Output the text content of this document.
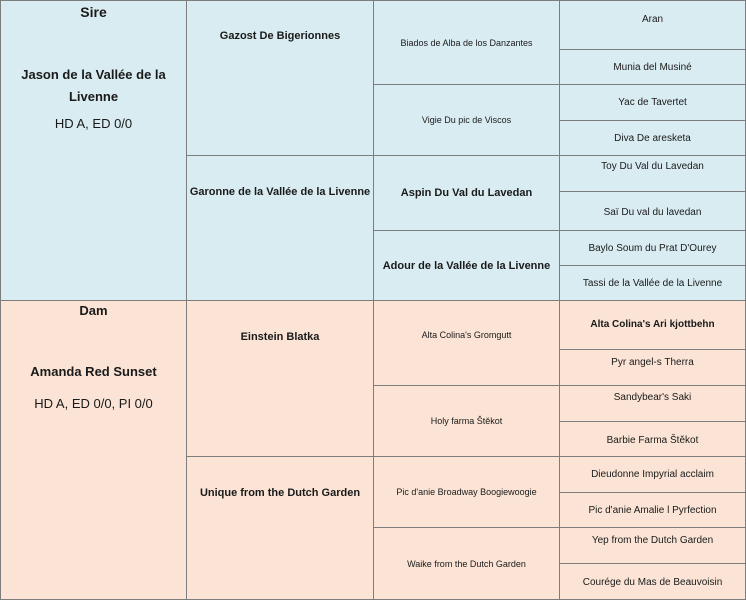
Sire
Jason de la Vallée de la Livenne
HD A, ED 0/0
Gazost De Bigerionnes
Garonne de la Vallée de la Livenne
Biados de Alba de los Danzantes
Vigie Du pic de Viscos
Aspin Du Val du Lavedan
Adour de la Vallée de la Livenne
Aran
Munia del Musiné
Yac de Tavertet
Diva De aresketa
Toy Du Val du Lavedan
Saï Du val du lavedan
Baylo Soum du Prat D'Ourey
Tassi de la Vallée de la Livenne
Dam
Amanda Red Sunset
HD A, ED 0/0, PI 0/0
Einstein Blatka
Unique from the Dutch Garden
Alta Colina's Gromgutt
Holy farma Štěkot
Pic d'anie Broadway Boogiewoogie
Waike from the Dutch Garden
Alta Colina's Ari kjottbehn
Pyr angel-s Therra
Sandybear's Saki
Barbie Farma Štěkot
Dieudonne Impyrial acclaim
Pic d'anie Amalie l Pyrfection
Yep from the Dutch Garden
Courége du Mas de Beauvoisin
